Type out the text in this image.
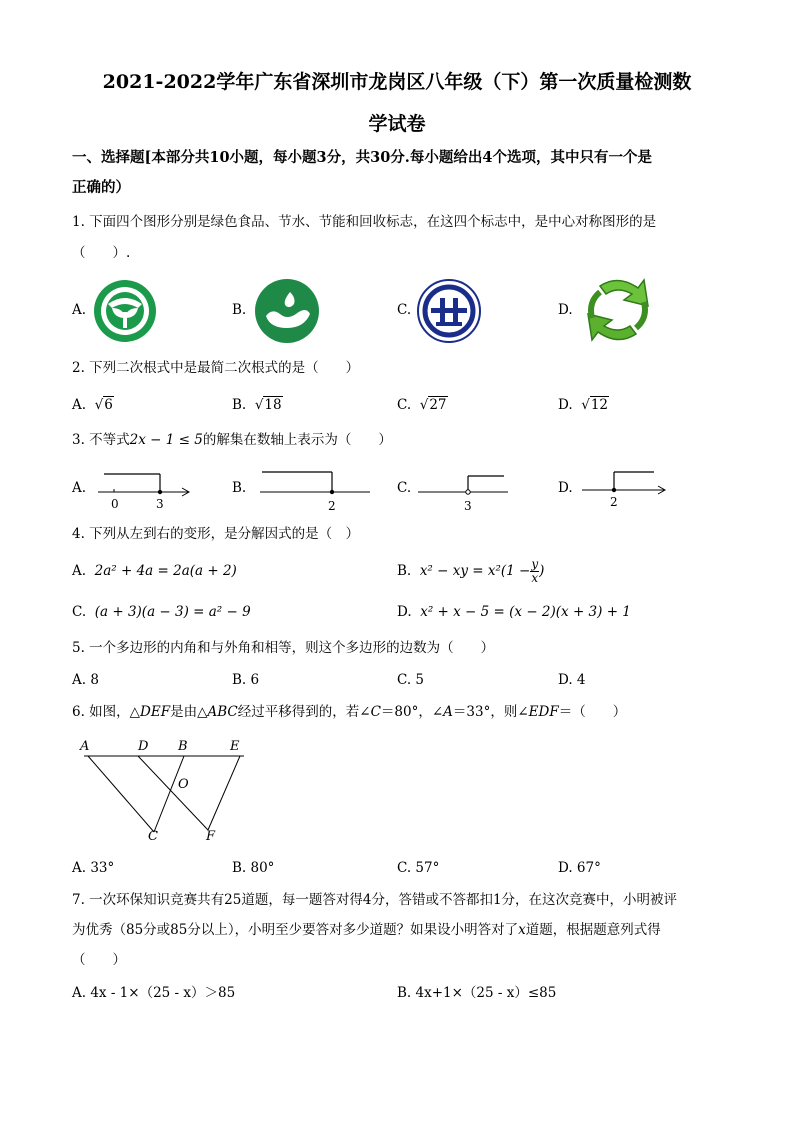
2021-2022学年广东省深圳市龙岗区八年级（下）第一次质量检测数
学试卷
一、选择题[本部分共10小题，每小题3分，共30分.每小题给出4个选项，其中只有一个是
正确的）
1. 下面四个图形分别是绿色食品、节水、节能和回收标志，在这四个标志中，是中心对称图形的是
（　　）.
A.	B.	C.	D.
2. 下列二次根式中是最简二次根式的是（　　）
A. √6	B. √18	C. √27	D. √12
3. 不等式2x − 1 ≤ 5的解集在数轴上表示为（　　）
A.
0	3
B.
2
C.
3
D.
2
4. 下列从左到右的变形，是分解因式的是（　）
A. 2a² + 4a = 2a(a + 2)	B. x² − xy = $x^2(1 - \frac{y}{x}$ )
C. (a + 3)(a − 3) = a² − 9	D. x² + x − 5 = (x − 2)(x + 3) + 1
5. 一个多边形的内角和与外角和相等，则这个多边形的边数为（　　）
A. 8	B. 6	C. 5	D. 4
6. 如图，△DEF是由△ABC经过平移得到的，若∠C＝80°，∠A＝33°，则∠EDF＝（　　）
A	D B	E
O
C	F
A. 33°	B. 80°	C. 57°	D. 67°
7. 一次环保知识竞赛共有25道题，每一题答对得4分，答错或不答都扣1分，在这次竞赛中，小明被评
为优秀（85分或85分以上），小明至少要答对多少道题？如果设小明答对了x道题，根据题意列式得
（　　）
A. 4x - 1×（25 - x）＞85	B. 4x+1×（25 - x）≤85
